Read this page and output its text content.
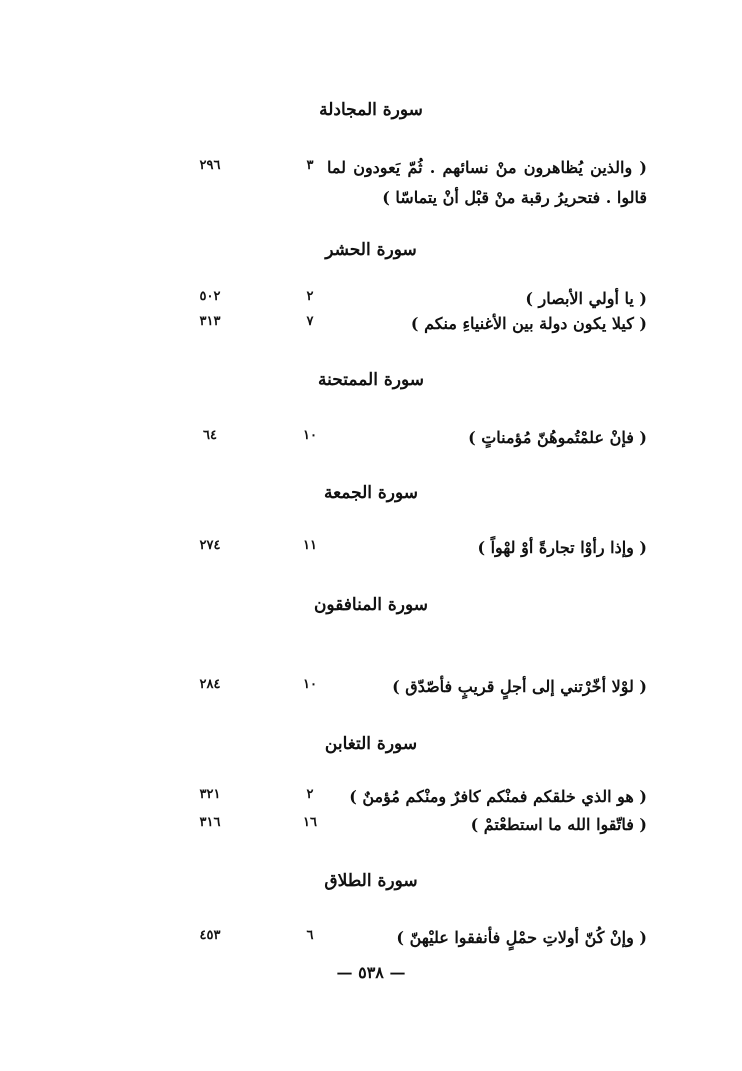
سورة المجادلة
( والذين يُظاهرون منْ نسائهم . ثُمّ يَعودون لما
٣
٢٩٦
قالوا . فتحريرُ رقبة منْ قبْل أنْ يتماسّا )
سورة الحشر
( يا أولي الأبصار )
٢
٥٠٢
( كيلا يكون دولة بين الأغنياءِ منكم )
٧
٣١٣
سورة الممتحنة
( فإنْ علمْتُموهُنّ مُؤمناتٍ )
١٠
٦٤
سورة الجمعة
( وإذا رأوْا تجارةً أوْ لهْواً )
١١
٢٧٤
سورة المنافقون
( لوْلا أخّرْتني إلى أجلٍ قريبٍ فأصّدّق )
١٠
٢٨٤
سورة التغابن
( هو الذي خلقكم فمنْكم كافرٌ ومنْكم مُؤمنٌ )
٢
٣٢١
( فاتّقوا الله ما استطعْتمْ )
١٦
٣١٦
سورة الطلاق
( وإنْ كُنّ أولاتِ حمْلٍ فأنفقوا عليْهنّ )
٦
٤٥٣
— ٥٣٨ —
